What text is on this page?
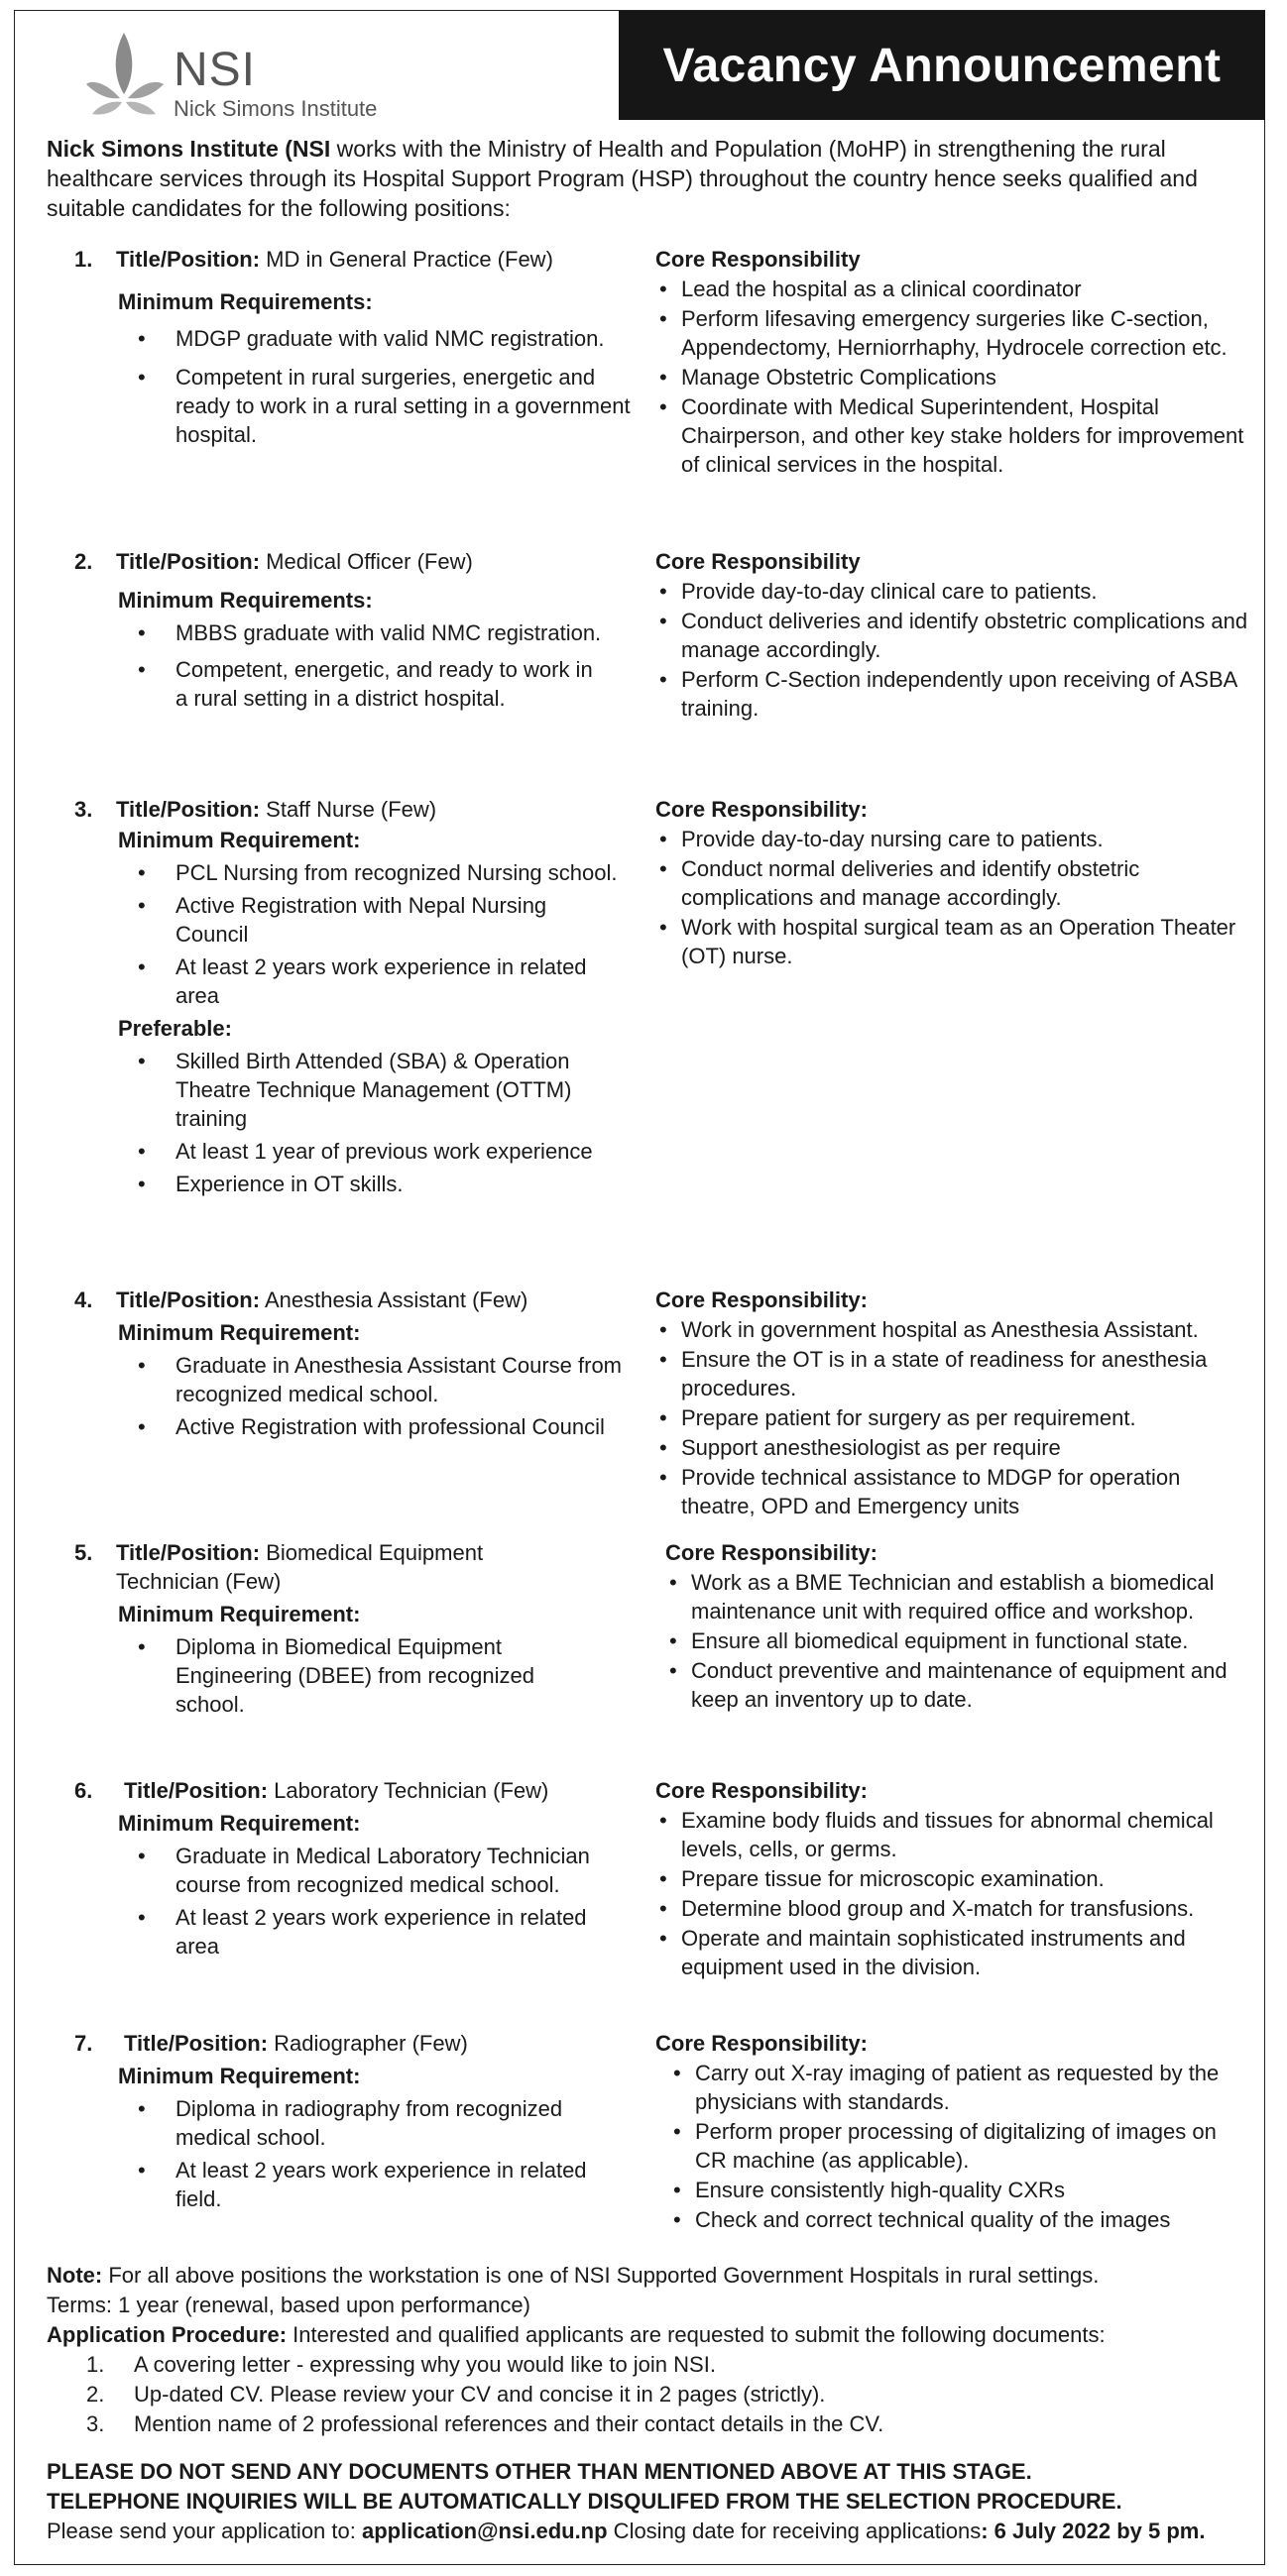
NSI
Nick Simons Institute
Vacancy Announcement

Nick Simons Institute (NSI works with the Ministry of Health and Population (MoHP) in strengthening the rural healthcare services through its Hospital Support Program (HSP) throughout the country hence seeks qualified and suitable candidates for the following positions:

1.	Title/Position: MD in General Practice (Few)
Minimum Requirements:
• MDGP graduate with valid NMC registration.
• Competent in rural surgeries, energetic and ready to work in a rural setting in a government hospital.
Core Responsibility
• Lead the hospital as a clinical coordinator
• Perform lifesaving emergency surgeries like C-section, Appendectomy, Herniorrhaphy, Hydrocele correction etc.
• Manage Obstetric Complications
• Coordinate with Medical Superintendent, Hospital Chairperson, and other key stake holders for improvement of clinical services in the hospital.
2.	Title/Position: Medical Officer (Few)
Minimum Requirements:
• MBBS graduate with valid NMC registration.
• Competent, energetic, and ready to work in a rural setting in a district hospital.
Core Responsibility
• Provide day-to-day clinical care to patients.
• Conduct deliveries and identify obstetric complications and manage accordingly.
• Perform C-Section independently upon receiving of ASBA training.
3.	Title/Position: Staff Nurse (Few)
Minimum Requirement:
• PCL Nursing from recognized Nursing school.
• Active Registration with Nepal Nursing Council
• At least 2 years work experience in related area
Preferable:
• Skilled Birth Attended (SBA) & Operation Theatre Technique Management (OTTM) training
• At least 1 year of previous work experience
• Experience in OT skills.
Core Responsibility:
• Provide day-to-day nursing care to patients.
• Conduct normal deliveries and identify obstetric complications and manage accordingly.
• Work with hospital surgical team as an Operation Theater (OT) nurse.
4.	Title/Position: Anesthesia Assistant (Few)
Minimum Requirement:
• Graduate in Anesthesia Assistant Course from recognized medical school.
• Active Registration with professional Council
Core Responsibility:
• Work in government hospital as Anesthesia Assistant.
• Ensure the OT is in a state of readiness for anesthesia procedures.
• Prepare patient for surgery as per requirement.
• Support anesthesiologist as per require
• Provide technical assistance to MDGP for operation theatre, OPD and Emergency units
5.	Title/Position: Biomedical Equipment Technician (Few)
Minimum Requirement:
• Diploma in Biomedical Equipment Engineering (DBEE) from recognized school.
Core Responsibility:
• Work as a BME Technician and establish a biomedical maintenance unit with required office and workshop.
• Ensure all biomedical equipment in functional state.
• Conduct preventive and maintenance of equipment and keep an inventory up to date.
6.	Title/Position: Laboratory Technician (Few)
Minimum Requirement:
• Graduate in Medical Laboratory Technician course from recognized medical school.
• At least 2 years work experience in related area
Core Responsibility:
• Examine body fluids and tissues for abnormal chemical levels, cells, or germs.
• Prepare tissue for microscopic examination.
• Determine blood group and X-match for transfusions.
• Operate and maintain sophisticated instruments and equipment used in the division.
7.	Title/Position: Radiographer (Few)
Minimum Requirement:
• Diploma in radiography from recognized medical school.
• At least 2 years work experience in related field.
Core Responsibility:
• Carry out X-ray imaging of patient as requested by the physicians with standards.
• Perform proper processing of digitalizing of images on CR machine (as applicable).
• Ensure consistently high-quality CXRs
• Check and correct technical quality of the images

Note: For all above positions the workstation is one of NSI Supported Government Hospitals in rural settings.

Terms: 1 year (renewal, based upon performance)

Application Procedure: Interested and qualified applicants are requested to submit the following documents:

1. A covering letter - expressing why you would like to join NSI.
2. Up-dated CV. Please review your CV and concise it in 2 pages (strictly).
3. Mention name of 2 professional references and their contact details in the CV.
PLEASE DO NOT SEND ANY DOCUMENTS OTHER THAN MENTIONED ABOVE AT THIS STAGE.
TELEPHONE INQUIRIES WILL BE AUTOMATICALLY DISQULIFED FROM THE SELECTION PROCEDURE.

Please send your application to: application@nsi.edu.np Closing date for receiving applications: 6 July 2022 by 5 pm.
